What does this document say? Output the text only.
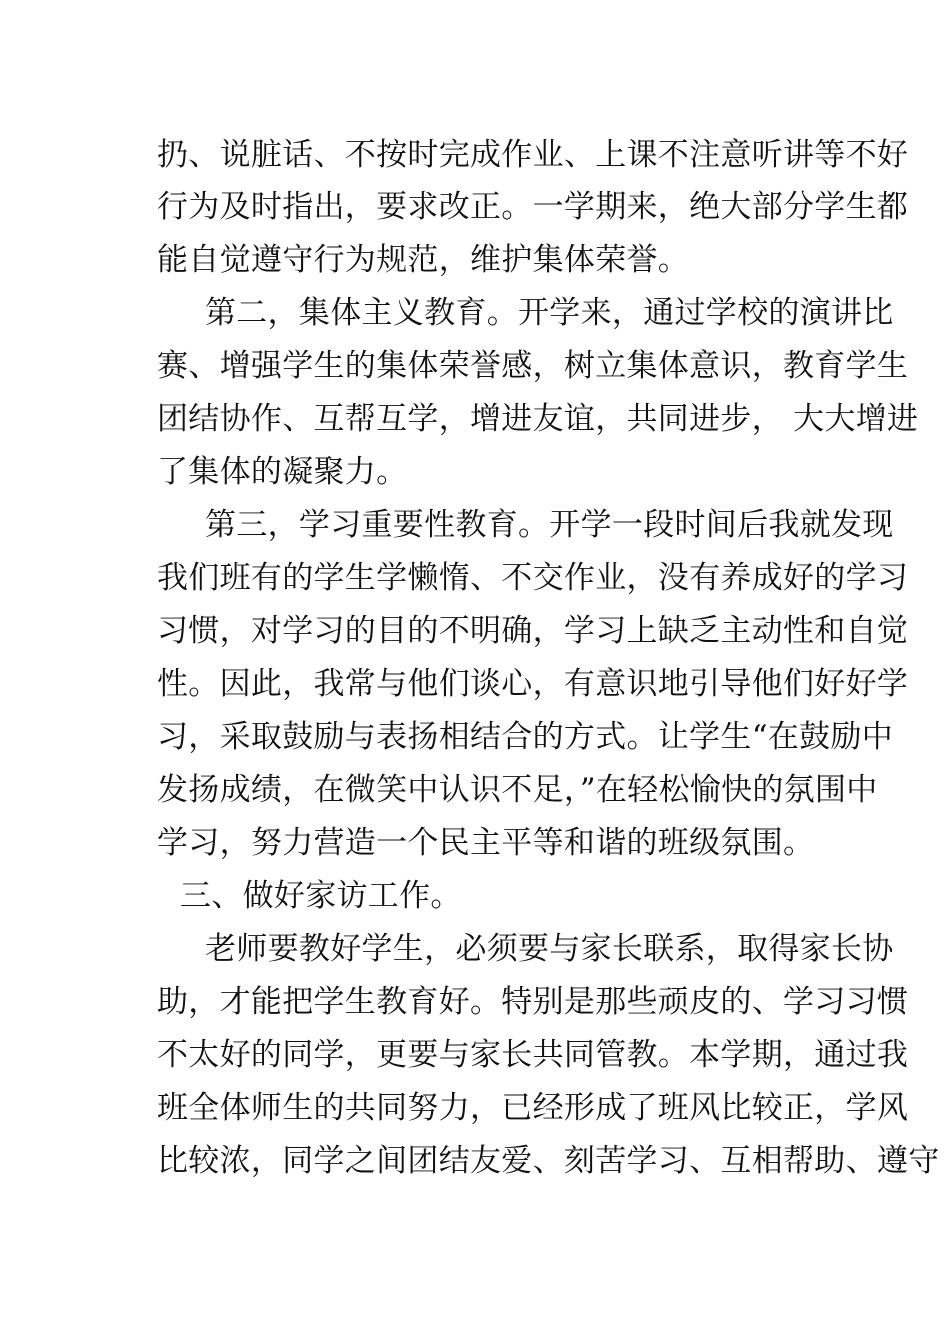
扔、说脏话、不按时完成作业、上课不注意听讲等不好
行为及时指出，要求改正。一学期来，绝大部分学生都
能自觉遵守行为规范，维护集体荣誉。
第二，集体主义教育。开学来，通过学校的演讲比
赛、增强学生的集体荣誉感，树立集体意识，教育学生
团结协作、互帮互学，增进友谊，共同进步， 大大增进
了集体的凝聚力。
第三，学习重要性教育。开学一段时间后我就发现
我们班有的学生学懒惰、不交作业，没有养成好的学习
习惯，对学习的目的不明确，学习上缺乏主动性和自觉
性。因此，我常与他们谈心，有意识地引导他们好好学
习，采取鼓励与表扬相结合的方式。让学生“在鼓励中
发扬成绩，在微笑中认识不足，”在轻松愉快的氛围中
学习，努力营造一个民主平等和谐的班级氛围。
三、做好家访工作。
老师要教好学生，必须要与家长联系，取得家长协
助，才能把学生教育好。特别是那些顽皮的、学习习惯
不太好的同学，更要与家长共同管教。本学期，通过我
班全体师生的共同努力，已经形成了班风比较正，学风
比较浓，同学之间团结友爱、刻苦学习、互相帮助、遵守
